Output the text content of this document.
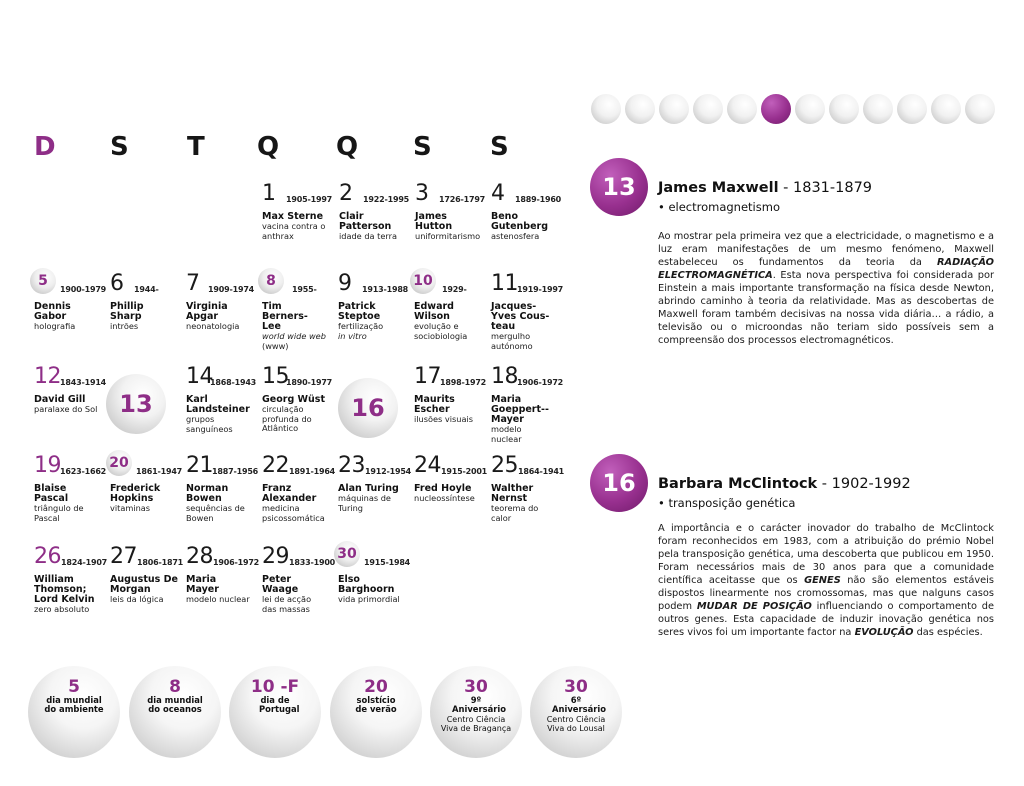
D S T Q Q S S
1 1905-1997
Max Sterne
vacina contra o anthrax
2 1922-1995
Clair Patterson
idade da terra
3 1726-1797
James Hutton
uniformitarismo
4 1889-1960
Beno Gutenberg
astenosfera
5
1900-1979
Dennis Gabor
holografia
6 1944-
Phillip Sharp
intrões
7 1909-1974
Virginia Apgar
neonatologia
8
1955-
Tim Berners-Lee
world wide web
(www)
9 1913-1988
Patrick Steptoe
fertilização
in vitro
10
1929-
Edward Wilson
evolução e sociobiologia
11 1919-1997
Jacques-Yves Cous-teau
mergulho autónomo
12 1843-1914
David Gill
paralaxe do Sol 13
14
1868-1943
Karl Landsteiner
grupos sanguíneos
15
1890-1977
Georg Wüst
circulação profunda do Atlântico
16
17 1898-1972
Maurits Escher
ilusões visuais
18 1906-1972
Maria Goeppert--Mayer
modelo nuclear
19 1623-1662
Blaise Pascal
triângulo de Pascal
20
1861-1947
Frederick Hopkins
vitaminas
21 1887-1956
Norman Bowen
sequências de Bowen
22 1891-1964
Franz Alexander
medicina psicossomática
23 1912-1954
Alan Turing
máquinas de Turing
24 1915-2001
Fred Hoyle
nucleossíntese
25 1864-1941
Walther Nernst
teorema do calor
26 1824-1907
William Thomson; Lord Kelvin
zero absoluto
27 1806-1871
Augustus De Morgan
leis da lógica
28 1906-1972
Maria Mayer
modelo nuclear
29 1833-1900
Peter Waage
lei de acção das massas
30
1915-1984
Elso Barghoorn
vida primordial
5
dia mundial do ambiente
8
dia mundial do oceanos
10 -F
dia de Portugal
20
solstício de verão
30
9º Aniversário
Centro Ciência Viva de Bragança
30
6º Aniversário
Centro Ciência Viva do Lousal
13	James Maxwell - 1831-1879
• electromagnetismo
Ao mostrar pela primeira vez que a electricidade, o magnetismo e a luz eram manifestações de um mesmo fenómeno, Maxwell estabeleceu os fundamentos da teoria da RADIAÇÃO ELECTROMAGNÉTICA. Esta nova perspectiva foi considerada por Einstein a mais importante transformação na física desde Newton, abrindo caminho à teoria da relatividade. Mas as descobertas de Maxwell foram também decisivas na nossa vida diária… a rádio, a televisão ou o microondas não teriam sido possíveis sem a compreensão dos processos electromagnéticos.
16	Barbara McClintock - 1902-1992
• transposição genética
A importância e o carácter inovador do trabalho de McClintock foram reconhecidos em 1983, com a atribuição do prémio Nobel pela transposição genética, uma descoberta que publicou em 1950. Foram necessários mais de 30 anos para que a comunidade científica aceitasse que os GENES não são elementos estáveis dispostos linearmente nos cromossomas, mas que nalguns casos podem MUDAR DE POSIÇÃO influenciando o comportamento de outros genes. Esta capacidade de induzir inovação genética nos seres vivos foi um importante factor na EVOLUÇÃO das espécies.
